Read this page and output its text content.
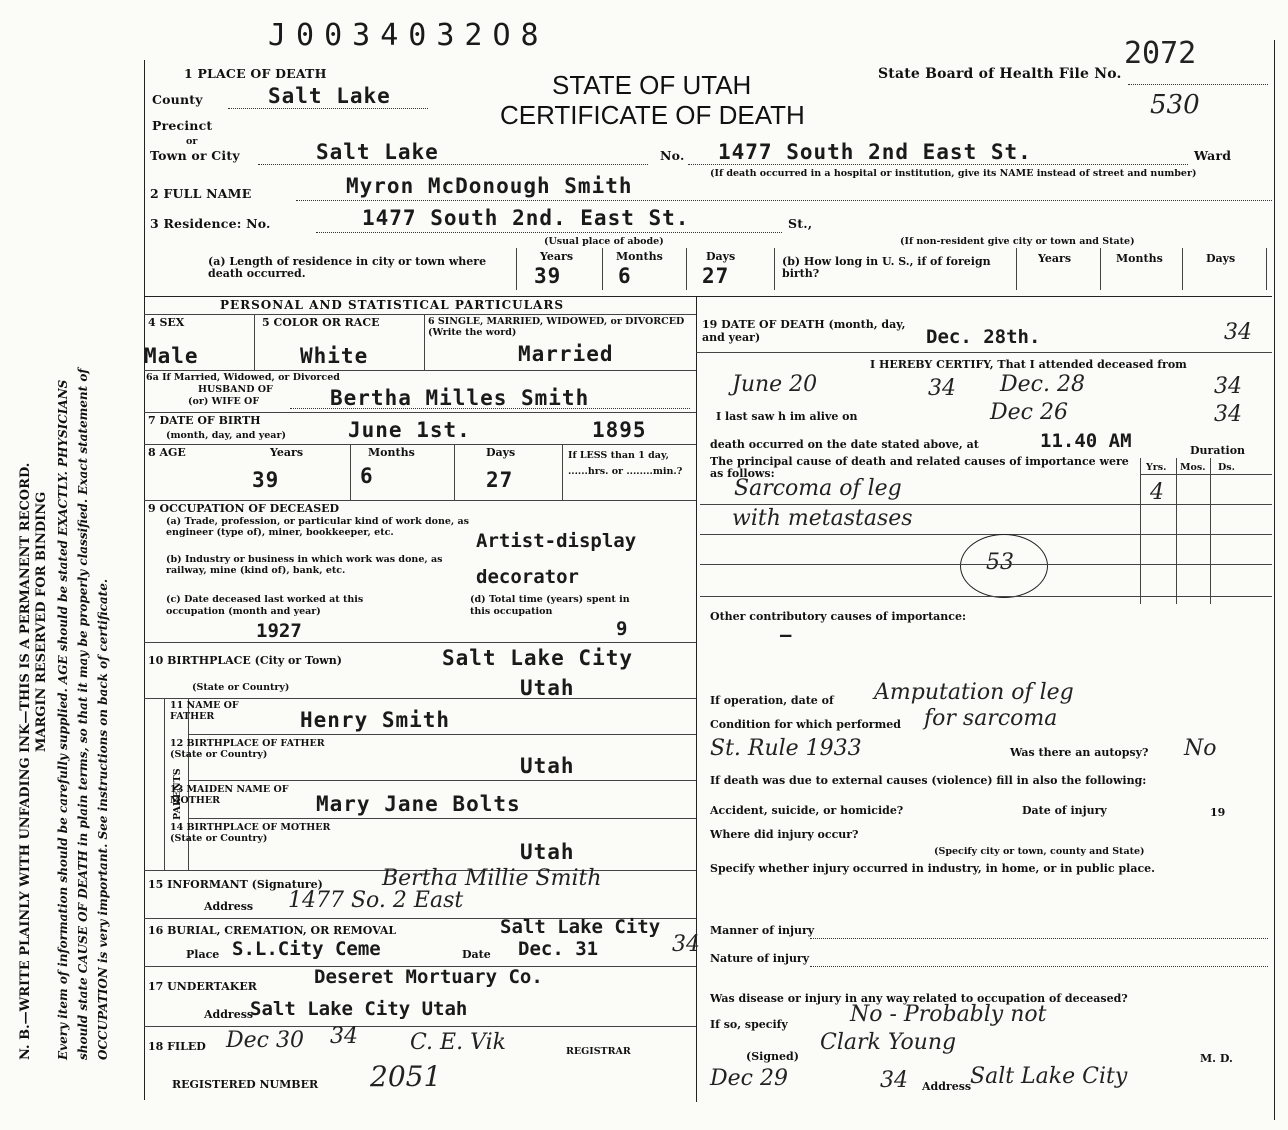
N. B.—WRITE PLAINLY WITH UNFADING INK—THIS IS A PERMANENT RECORD. MARGIN RESERVED FOR BINDING Every item of information should be carefully supplied. AGE should be stated EXACTLY. PHYSICIANS should state CAUSE OF DEATH in plain terms, so that it may be properly classified. Exact statement of OCCUPATION is very important. See instructions on back of certificate.
J0034032O8
STATE OF UTAH
CERTIFICATE OF DEATH
State Board of Health File No.
2072
530
1 PLACE OF DEATH
County	Salt Lake
Precinct
or
Town or City	Salt Lake	No. 1477 South 2nd East St.	Ward
(If death occurred in a hospital or institution, give its NAME instead of street and number)
2 FULL NAME	Myron McDonough Smith
3 Residence: No.	1477 South 2nd. East St.	St.,
(Usual place of abode)	(If non-resident give city or town and State)
(a) Length of residence in city or town where death occurred.
Years	Months	Days
39	6	27
(b) How long in U. S., if of foreign birth?
Years	Months	Days
PERSONAL AND STATISTICAL PARTICULARS
4 SEX	5 COLOR OR RACE	6 SINGLE, MARRIED, WIDOWED, or DIVORCED (Write the word)
Male	White	Married
6a If Married, Widowed, or Divorced
HUSBAND OF
(or) WIFE OF	Bertha Milles Smith
7 DATE OF BIRTH
(month, day, and year)	June 1st.	1895
8 AGE	Years	Months	Days
39	6	27
If LESS than 1 day, ......hrs. or ........min.?
9 OCCUPATION OF DECEASED
(a) Trade, profession, or particular kind of work done, as engineer (type of), miner, bookkeeper, etc.	Artist-display
(b) Industry or business in which work was done, as railway, mine (kind of), bank, etc.	decorator
(c) Date deceased last worked at this occupation (month and year)
1927
(d) Total time (years) spent in this occupation
9
10 BIRTHPLACE (City or Town)	Salt Lake City
(State or Country)	Utah
PARENTS
11 NAME OF FATHER	Henry Smith
12 BIRTHPLACE OF FATHER (State or Country)	Utah
13 MAIDEN NAME OF MOTHER	Mary Jane Bolts
14 BIRTHPLACE OF MOTHER (State or Country)
Utah
15 INFORMANT (Signature)	Bertha Millie Smith
Address 1477 So. 2 East
16 BURIAL, CREMATION, OR REMOVAL	Salt Lake City
Place S.L.City Ceme	Date Dec. 31	34
17 UNDERTAKER	Deseret Mortuary Co.
Address
Salt Lake City Utah
18 FILED Dec 30 34 C. E. Vik	REGISTRAR
REGISTERED NUMBER 2051
19 DATE OF DEATH (month, day, and year)	Dec. 28th.	34
I HEREBY CERTIFY, That I attended deceased from
June 20	34 Dec. 28	34
I last saw h im alive on	Dec 26	34
death occurred on the date stated above, at	11.40 AM	Duration
The principal cause of death and related causes of importance were as follows:	Yrs. Mos. Ds.
Sarcoma of leg	4
with metastases
53
Other contributory causes of importance:
—
If operation, date of Amputation of leg
Condition for which performed for sarcoma
St. Rule 1933	Was there an autopsy? No
If death was due to external causes (violence) fill in also the following:
Accident, suicide, or homicide?	Date of injury	19
Where did injury occur?
(Specify city or town, county and State)
Specify whether injury occurred in industry, in home, or in public place.
Manner of injury
Nature of injury
Was disease or injury in any way related to occupation of deceased?
If so, specify	No - Probably not
(Signed)
Clark Young
M. D.
Dec 29	34 Address
Salt Lake City
